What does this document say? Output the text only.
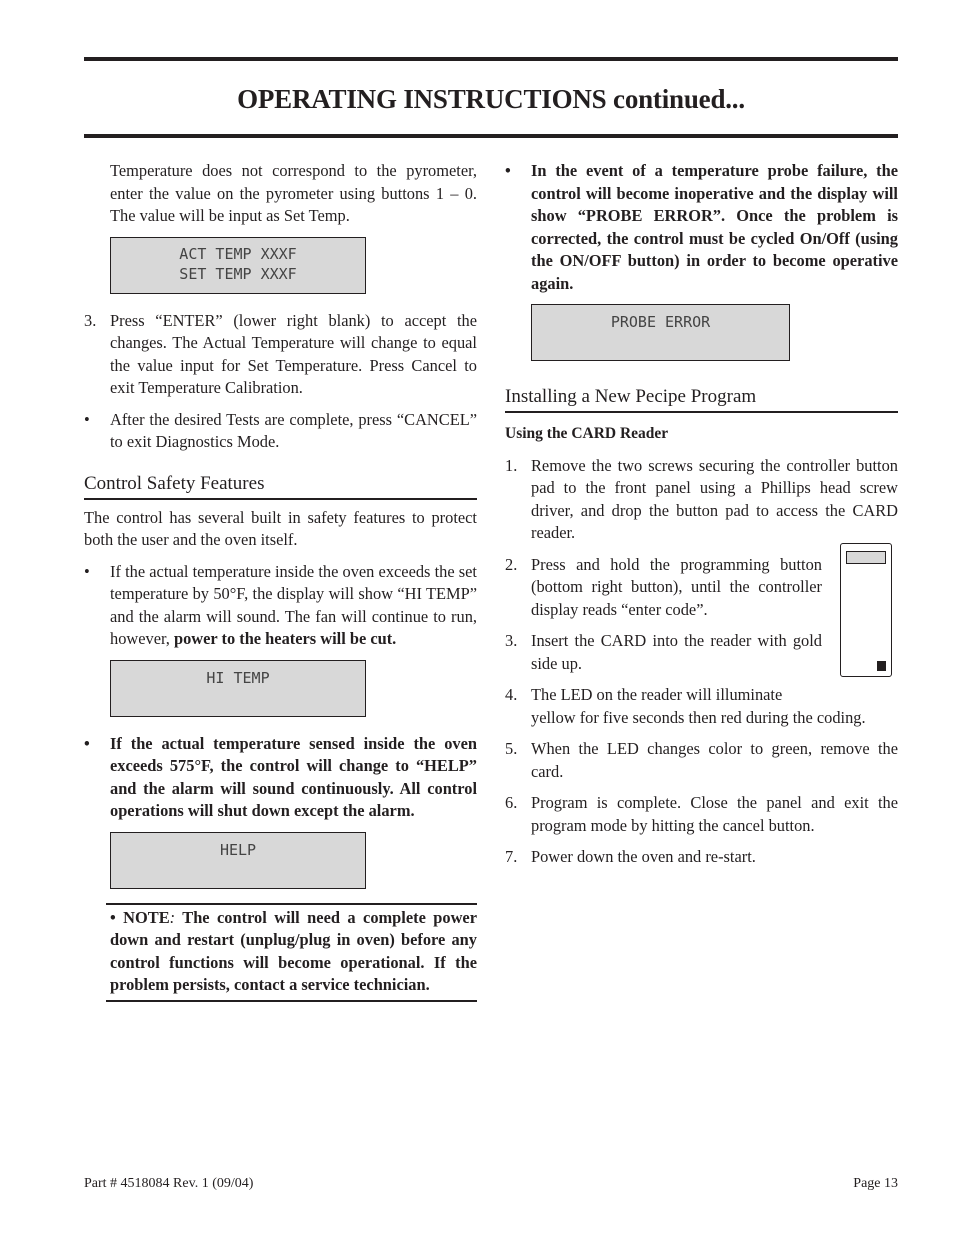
OPERATING INSTRUCTIONS continued...

Temperature does not correspond to the pyrometer, enter the value on the pyrometer using buttons 1 – 0. The value will be input as Set Temp.

ACT TEMP XXXF
SET TEMP XXXF
3. Press “ENTER” (lower right blank) to accept the changes. The Actual Temperature will change to equal the value input for Set Temperature. Press Cancel to exit Temperature Calibration.
• After the desired Tests are complete, press “CANCEL” to exit Diagnostics Mode.
Control Safety Features

The control has several built in safety features to protect both the user and the oven itself.

• If the actual temperature inside the oven exceeds the set temperature by 50°F, the display will show “HI TEMP” and the alarm will sound. The fan will continue to run, however, power to the heaters will be cut.
HI TEMP
• If the actual temperature sensed inside the oven exceeds 575°F, the control will change to “HELP” and the alarm will sound continuously. All control operations will shut down except the alarm.
HELP
• NOTE: The control will need a complete power down and restart (unplug/plug in oven) before any control functions will become operational. If the problem persists, contact a service technician.
• In the event of a temperature probe failure, the control will become inoperative and the display will show “PROBE ERROR”. Once the problem is corrected, the control must be cycled On/Off (using the ON/OFF button) in order to become operative again.
PROBE ERROR
Installing a New Pecipe Program
Using the CARD Reader
1. Remove the two screws securing the controller button pad to the front panel using a Phillips head screw driver, and drop the button pad to access the CARD reader.
2. Press and hold the programming button (bottom right button), until the controller display reads “enter code”.
3. Insert the CARD into the reader with gold side up.
4. The LED on the reader will illuminate
yellow for five seconds then red during the coding.
5. When the LED changes color to green, remove the card.
6. Program is complete. Close the panel and exit the program mode by hitting the cancel button.
7. Power down the oven and re-start.
Part # 4518084 Rev. 1 (09/04)	Page 13
